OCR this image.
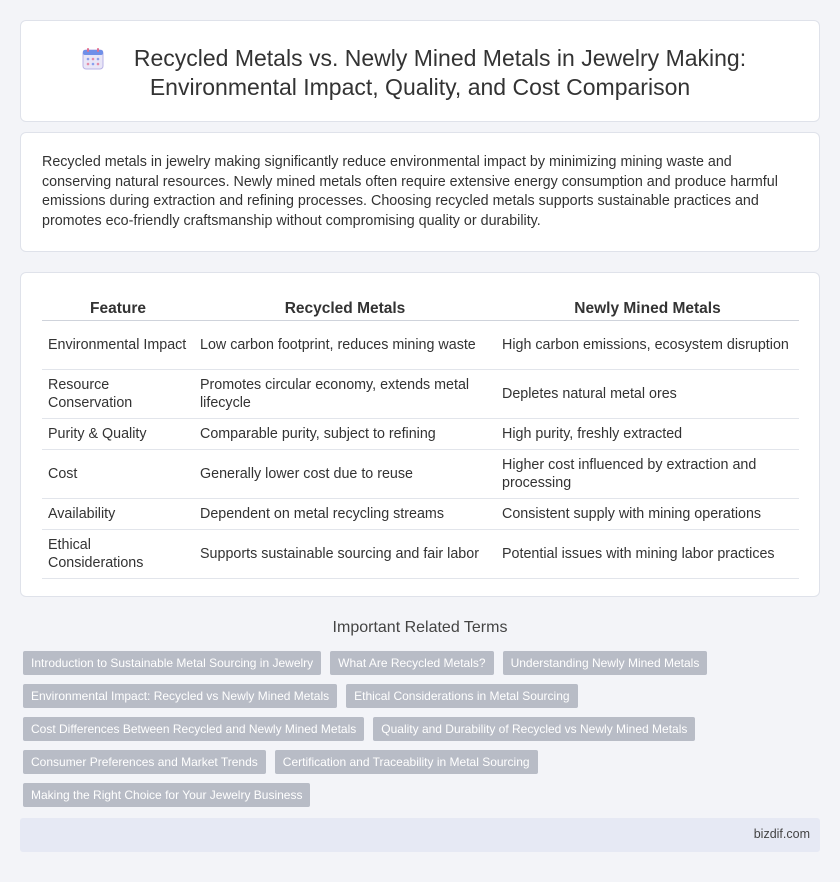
Recycled Metals vs. Newly Mined Metals in Jewelry Making:
Environmental Impact, Quality, and Cost Comparison

Recycled metals in jewelry making significantly reduce environmental impact by minimizing mining waste and conserving natural resources. Newly mined metals often require extensive energy consumption and produce harmful emissions during extraction and refining processes. Choosing recycled metals supports sustainable practices and promotes eco-friendly craftsmanship without compromising quality or durability.

Feature	Recycled Metals	Newly Mined Metals
Environmental Impact	Low carbon footprint, reduces mining waste	High carbon emissions, ecosystem disruption
Resource Conservation	Promotes circular economy, extends metal lifecycle	Depletes natural metal ores
Purity & Quality	Comparable purity, subject to refining	High purity, freshly extracted
Cost	Generally lower cost due to reuse	Higher cost influenced by extraction and processing
Availability	Dependent on metal recycling streams	Consistent supply with mining operations
Ethical Considerations	Supports sustainable sourcing and fair labor	Potential issues with mining labor practices
Important Related Terms
Introduction to Sustainable Metal Sourcing in Jewelry	What Are Recycled Metals?	Understanding Newly Mined Metals
Environmental Impact: Recycled vs Newly Mined Metals	Ethical Considerations in Metal Sourcing
Cost Differences Between Recycled and Newly Mined Metals	Quality and Durability of Recycled vs Newly Mined Metals
Consumer Preferences and Market Trends	Certification and Traceability in Metal Sourcing
Making the Right Choice for Your Jewelry Business
bizdif.com
